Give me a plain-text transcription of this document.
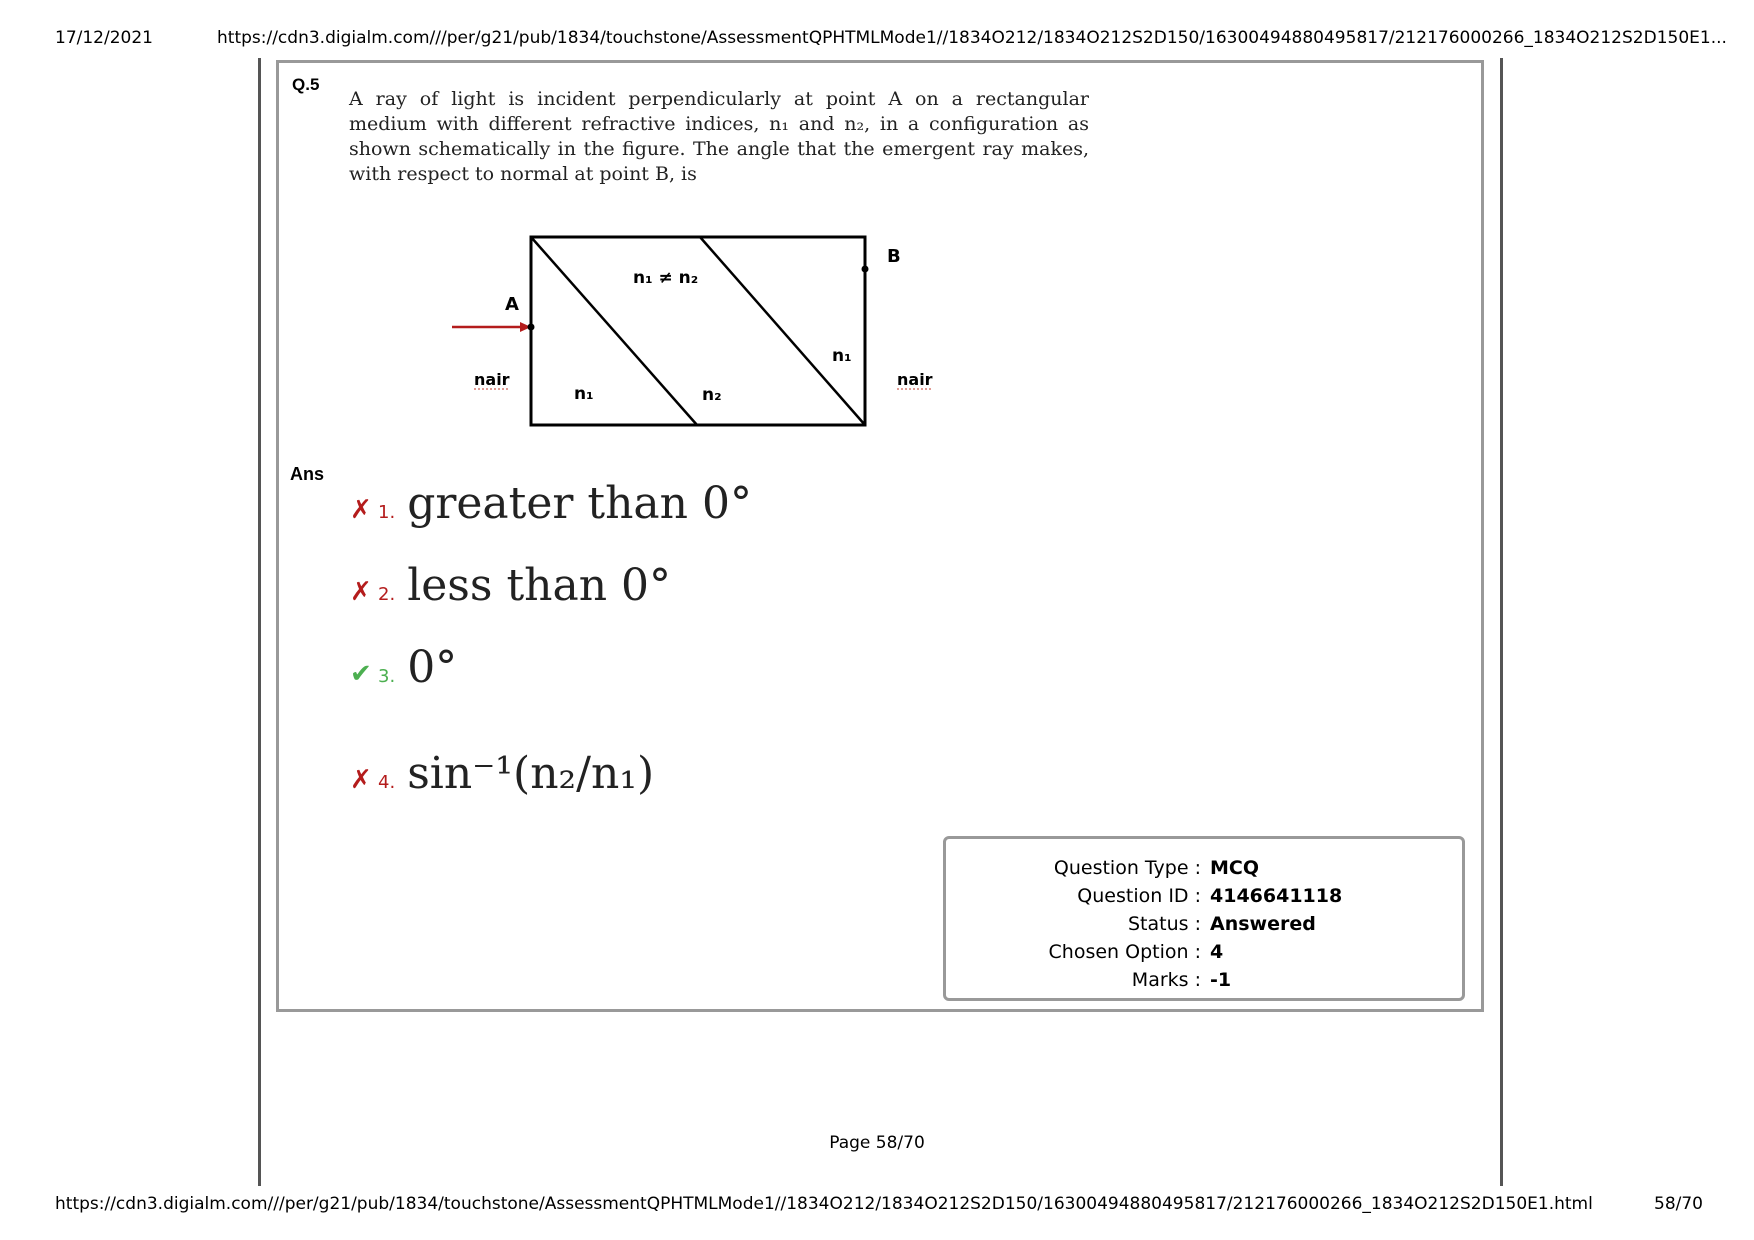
17/12/2021	https://cdn3.digialm.com///per/g21/pub/1834/touchstone/AssessmentQPHTMLMode1//1834O212/1834O212S2D150/16300494880495817/212176000266_1834O212S2D150E1...
Q.5
A ray of light is incident perpendicularly at point A on a rectangular medium with different refractive indices, n₁ and n₂, in a configuration as shown schematically in the figure. The angle that the emergent ray makes, with respect to normal at point B, is
A
B
n₁ ≠ n₂
n₁	n₂
n₁
nair	nair
Ans
✗ 1. greater than 0°
✗ 2. less than 0°
✔ 3. 0°
✗ 4. sin⁻¹(n₂/n₁)
Question Type : MCQ
Question ID : 4146641118
Status : Answered
Chosen Option : 4
Marks : -1
Page 58/70
https://cdn3.digialm.com///per/g21/pub/1834/touchstone/AssessmentQPHTMLMode1//1834O212/1834O212S2D150/16300494880495817/212176000266_1834O212S2D150E1.html	58/70
